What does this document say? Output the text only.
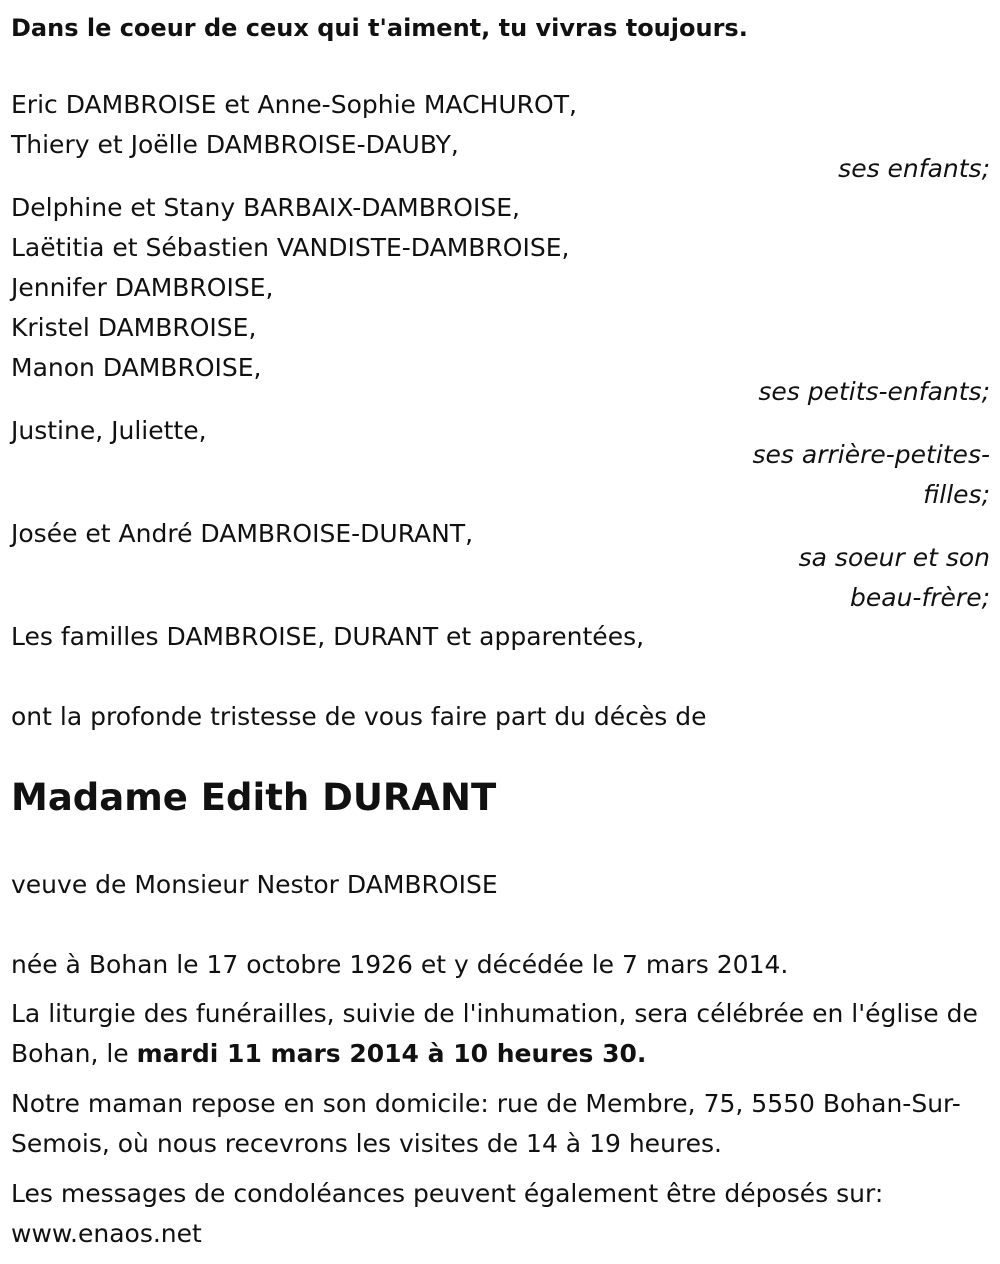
Dans le coeur de ceux qui t'aiment, tu vivras toujours.

Eric DAMBROISE et Anne-Sophie MACHUROT,

Thiery et Joëlle DAMBROISE-DAUBY,

ses enfants;

Delphine et Stany BARBAIX-DAMBROISE,

Laëtitia et Sébastien VANDISTE-DAMBROISE,

Jennifer DAMBROISE,

Kristel DAMBROISE,

Manon DAMBROISE,

ses petits-enfants;

Justine, Juliette,

ses arrière-petites-

filles;

Josée et André DAMBROISE-DURANT,

sa soeur et son

beau-frère;

Les familles DAMBROISE, DURANT et apparentées,

ont la profonde tristesse de vous faire part du décès de

Madame Edith DURANT

veuve de Monsieur Nestor DAMBROISE

née à Bohan le 17 octobre 1926 et y décédée le 7 mars 2014.

La liturgie des funérailles, suivie de l'inhumation, sera célébrée en l'église de Bohan, le mardi 11 mars 2014 à 10 heures 30.

Notre maman repose en son domicile: rue de Membre, 75, 5550 Bohan-Sur-Semois, où nous recevrons les visites de 14 à 19 heures.

Les messages de condoléances peuvent également être déposés sur:
www.enaos.net
